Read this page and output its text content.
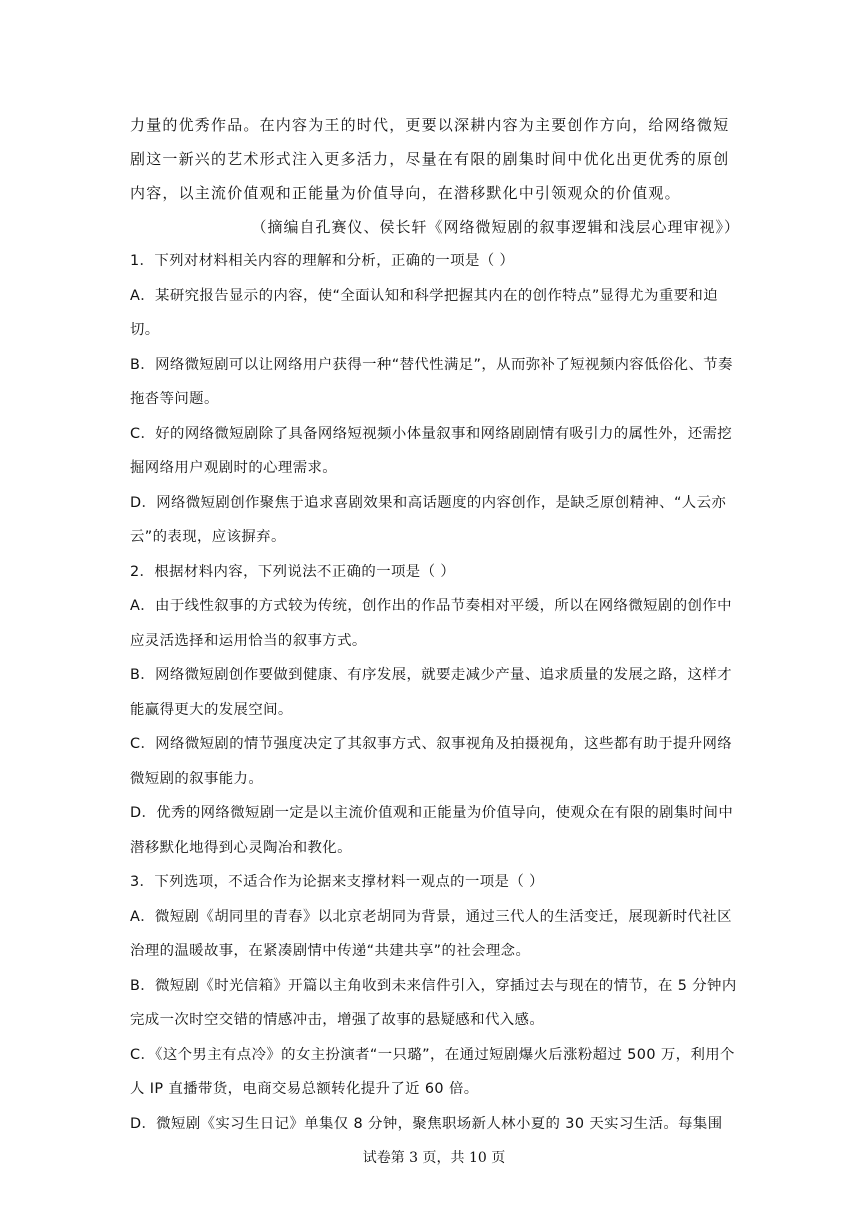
力量的优秀作品。在内容为王的时代，更要以深耕内容为主要创作方向，给网络微短剧这一新兴的艺术形式注入更多活力，尽量在有限的剧集时间中优化出更优秀的原创内容，以主流价值观和正能量为价值导向，在潜移默化中引领观众的价值观。

（摘编自孔赛仪、侯长轩《网络微短剧的叙事逻辑和浅层心理审视》）

1．下列对材料相关内容的理解和分析，正确的一项是（ ）

A．某研究报告显示的内容，使“全面认知和科学把握其内在的创作特点”显得尤为重要和迫切。

B．网络微短剧可以让网络用户获得一种“替代性满足”，从而弥补了短视频内容低俗化、节奏拖沓等问题。

C．好的网络微短剧除了具备网络短视频小体量叙事和网络剧剧情有吸引力的属性外，还需挖掘网络用户观剧时的心理需求。

D．网络微短剧创作聚焦于追求喜剧效果和高话题度的内容创作，是缺乏原创精神、“人云亦云”的表现，应该摒弃。

2．根据材料内容，下列说法不正确的一项是（ ）

A．由于线性叙事的方式较为传统，创作出的作品节奏相对平缓，所以在网络微短剧的创作中应灵活选择和运用恰当的叙事方式。

B．网络微短剧创作要做到健康、有序发展，就要走减少产量、追求质量的发展之路，这样才能赢得更大的发展空间。

C．网络微短剧的情节强度决定了其叙事方式、叙事视角及拍摄视角，这些都有助于提升网络微短剧的叙事能力。

D．优秀的网络微短剧一定是以主流价值观和正能量为价值导向，使观众在有限的剧集时间中潜移默化地得到心灵陶冶和教化。

3．下列选项，不适合作为论据来支撑材料一观点的一项是（ ）

A．微短剧《胡同里的青春》以北京老胡同为背景，通过三代人的生活变迁，展现新时代社区治理的温暖故事，在紧凑剧情中传递“共建共享”的社会理念。

B．微短剧《时光信箱》开篇以主角收到未来信件引入，穿插过去与现在的情节，在 5 分钟内完成一次时空交错的情感冲击，增强了故事的悬疑感和代入感。

C．《这个男主有点冷》的女主扮演者“一只璐”，在通过短剧爆火后涨粉超过 500 万，利用个人 IP 直播带货，电商交易总额转化提升了近 60 倍。

D．微短剧《实习生日记》单集仅 8 分钟，聚焦职场新人林小夏的 30 天实习生活。每集围

试卷第 3 页，共 10 页
